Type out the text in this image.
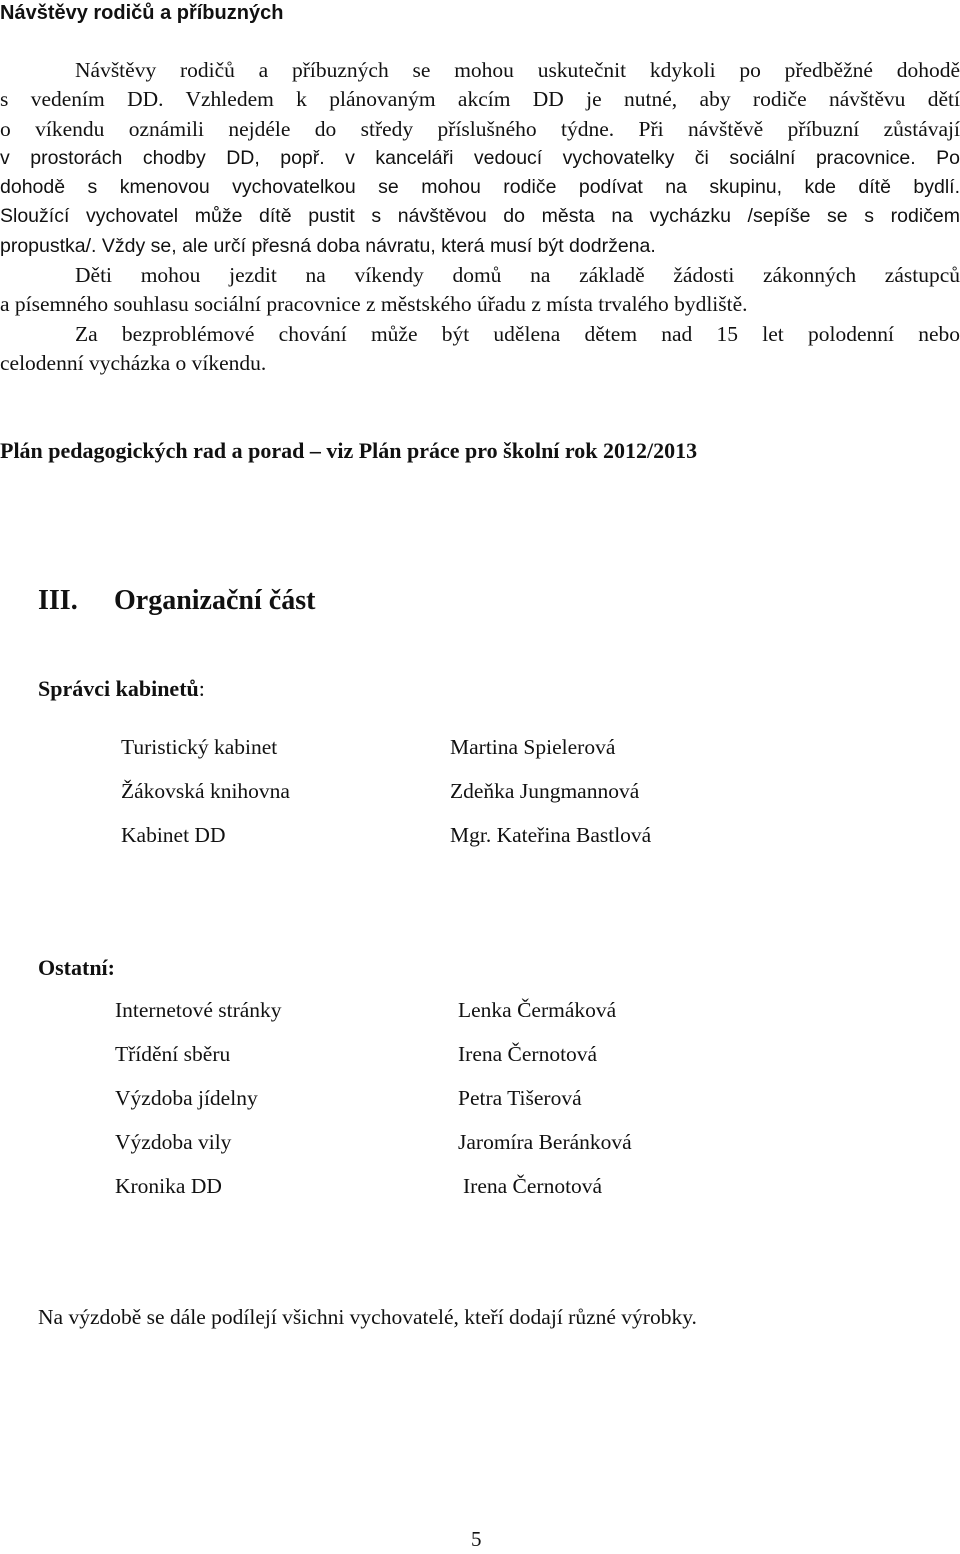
Návštěvy rodičů a příbuzných
Návštěvy rodičů a příbuzných se mohou uskutečnit kdykoli po předběžné dohodě
s vedením DD. Vzhledem k plánovaným akcím DD je nutné, aby rodiče návštěvu dětí
o víkendu oznámili nejdéle do středy příslušného týdne. Při návštěvě příbuzní zůstávají
v prostorách chodby DD, popř. v kanceláři vedoucí vychovatelky či sociální pracovnice. Po
dohodě s kmenovou vychovatelkou se mohou rodiče podívat na skupinu, kde dítě bydlí.
Sloužící vychovatel může dítě pustit s návštěvou do města na vycházku /sepíše se s rodičem
propustka/. Vždy se, ale určí přesná doba návratu, která musí být dodržena.
Děti mohou jezdit na víkendy domů na základě žádosti zákonných zástupců
a písemného souhlasu sociální pracovnice z městského úřadu z místa trvalého bydliště.
Za bezproblémové chování může být udělena dětem nad 15 let polodenní nebo
celodenní vycházka o víkendu.
Plán pedagogických rad a porad – viz Plán práce pro školní rok 2012/2013
III. Organizační část
Správci kabinetů:
Turistický kabinet	Martina Spielerová
Žákovská knihovna	Zdeňka Jungmannová
Kabinet DD	Mgr. Kateřina Bastlová
Ostatní:
Internetové stránky	Lenka Čermáková
Třídění sběru	Irena Černotová
Výzdoba jídelny	Petra Tišerová
Výzdoba vily	Jaromíra Beránková
Kronika DD	Irena Černotová
Na výzdobě se dále podílejí všichni vychovatelé, kteří dodají různé výrobky.
5
